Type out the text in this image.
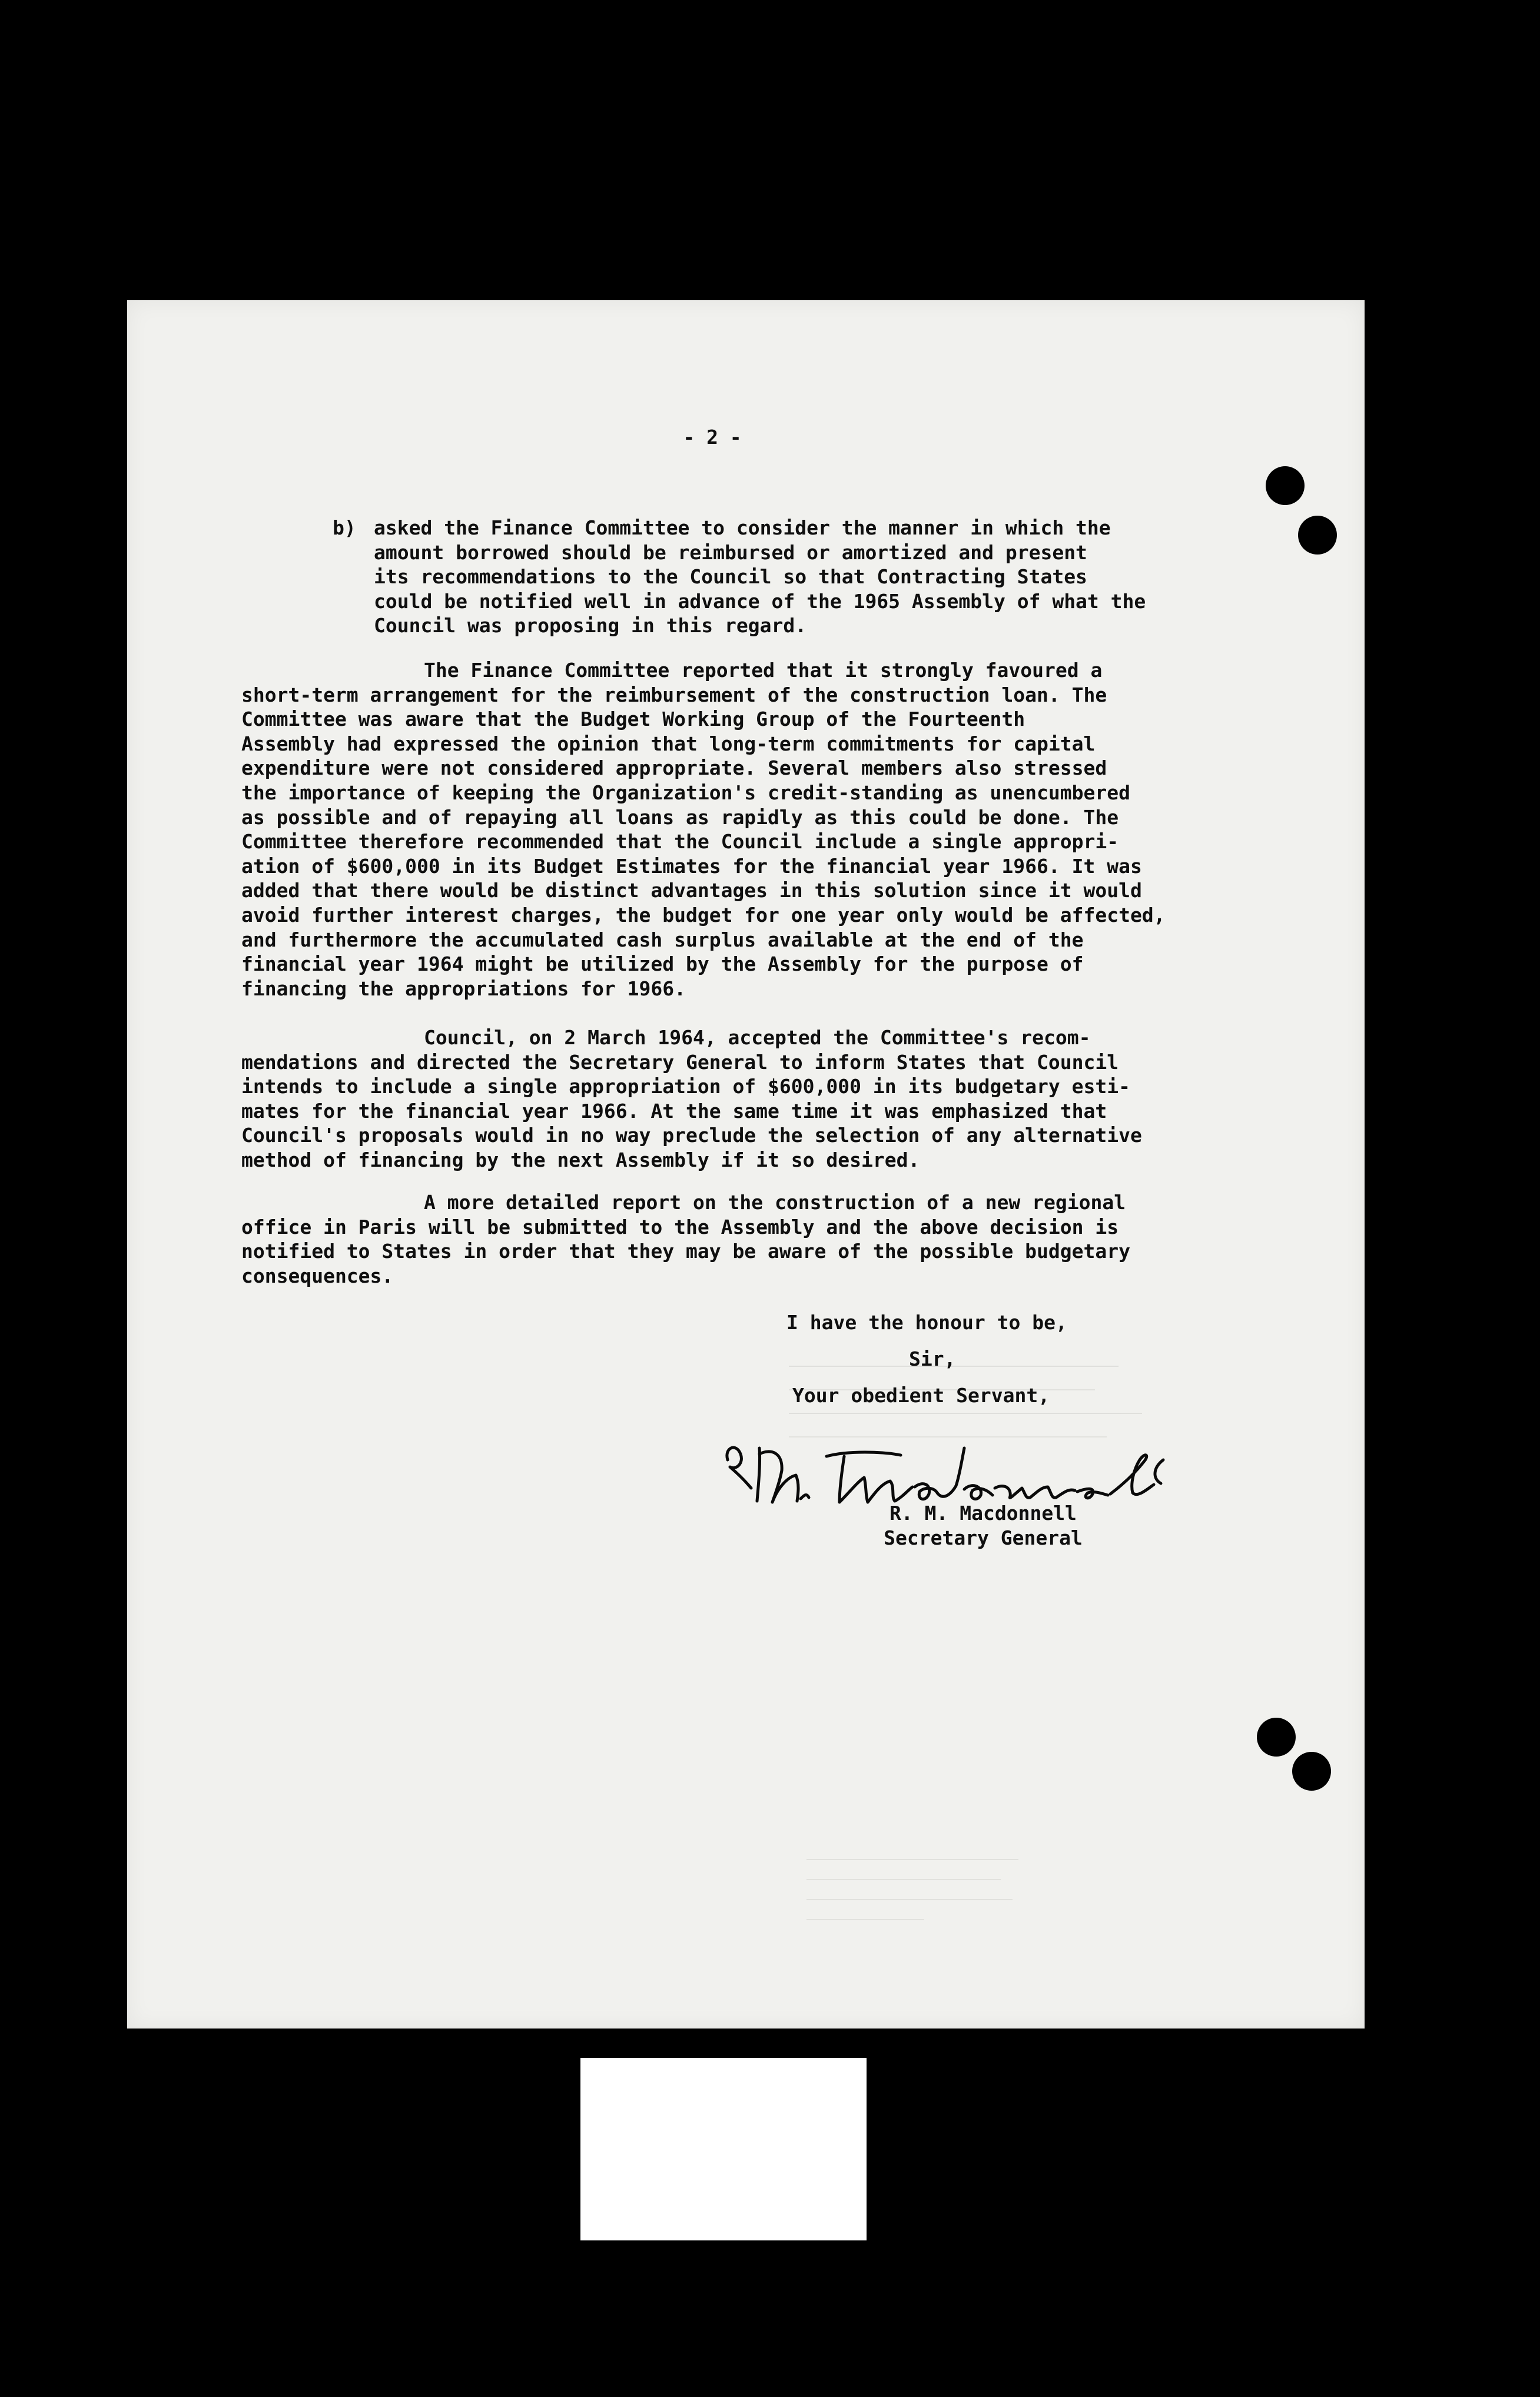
- 2 -
b) asked the Finance Committee to consider the manner in which the
amount borrowed should be reimbursed or amortized and present
its recommendations to the Council so that Contracting States
could be notified well in advance of the 1965 Assembly of what the
Council was proposing in this regard.
The Finance Committee reported that it strongly favoured a
short-term arrangement for the reimbursement of the construction loan. The
Committee was aware that the Budget Working Group of the Fourteenth
Assembly had expressed the opinion that long-term commitments for capital
expenditure were not considered appropriate. Several members also stressed
the importance of keeping the Organization's credit-standing as unencumbered
as possible and of repaying all loans as rapidly as this could be done. The
Committee therefore recommended that the Council include a single appropri-
ation of $600,000 in its Budget Estimates for the financial year 1966. It was
added that there would be distinct advantages in this solution since it would
avoid further interest charges, the budget for one year only would be affected,
and furthermore the accumulated cash surplus available at the end of the
financial year 1964 might be utilized by the Assembly for the purpose of
financing the appropriations for 1966.
Council, on 2 March 1964, accepted the Committee's recom-
mendations and directed the Secretary General to inform States that Council
intends to include a single appropriation of $600,000 in its budgetary esti-
mates for the financial year 1966. At the same time it was emphasized that
Council's proposals would in no way preclude the selection of any alternative
method of financing by the next Assembly if it so desired.
A more detailed report on the construction of a new regional
office in Paris will be submitted to the Assembly and the above decision is
notified to States in order that they may be aware of the possible budgetary
consequences.
I have the honour to be,
Sir,
Your obedient Servant,
R. M. Macdonnell
Secretary General
